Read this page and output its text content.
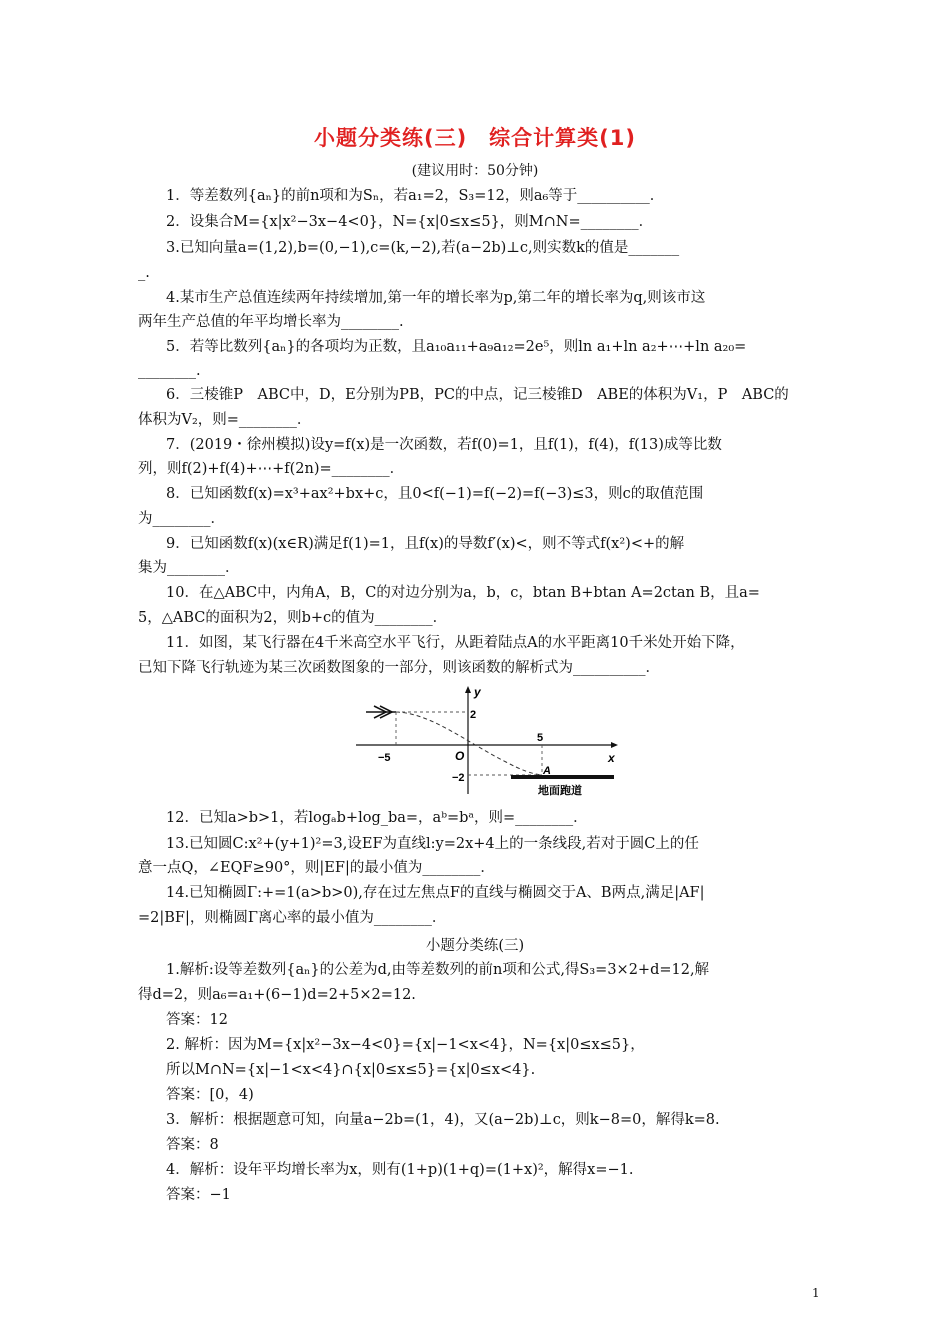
小题分类练(三)　综合计算类(1)
(建议用时：50分钟)
1．等差数列{aₙ}的前n项和为Sₙ，若a₁=2，S₃=12，则a₆等于__________．
2．设集合M={x|x²−3x−4<0}，N={x|0≤x≤5}，则M∩N=________．
3.已知向量a=(1,2),b=(0,−1),c=(k,−2),若(a−2b)⊥c,则实数k的值是_______
_.
4.某市生产总值连续两年持续增加,第一年的增长率为p,第二年的增长率为q,则该市这
两年生产总值的年平均增长率为________.
5．若等比数列{aₙ}的各项均为正数，且a₁₀a₁₁+a₉a₁₂=2e⁵，则ln a₁+ln a₂+⋯+ln a₂₀=
________.
6．三棱锥P　ABC中，D，E分别为PB，PC的中点，记三棱锥D　ABE的体积为V₁，P　ABC的
体积为V₂，则=________．
7．(2019・徐州模拟)设y=f(x)是一次函数，若f(0)=1，且f(1)，f(4)，f(13)成等比数
列，则f(2)+f(4)+⋯+f(2n)=________．
8．已知函数f(x)=x³+ax²+bx+c，且0<f(−1)=f(−2)=f(−3)≤3，则c的取值范围
为________．
9．已知函数f(x)(x∈R)满足f(1)=1，且f(x)的导数f′(x)<，则不等式f(x²)<+的解
集为________．
10．在△ABC中，内角A，B，C的对边分别为a，b，c，btan B+btan A=2ctan B，且a=
5，△ABC的面积为2，则b+c的值为________．
11．如图，某飞行器在4千米高空水平飞行，从距着陆点A的水平距离10千米处开始下降，
已知下降飞行轨迹为某三次函数图象的一部分，则该函数的解析式为__________．
y
x
O
2
5
−5
−2
A
地面跑道
12．已知a>b>1，若logₐb+log_ba=，aᵇ=bᵃ，则=________．
13.已知圆C:x²+(y+1)²=3,设EF为直线l:y=2x+4上的一条线段,若对于圆C上的任
意一点Q，∠EQF≥90°，则|EF|的最小值为________．
14.已知椭圆Γ:+=1(a>b>0),存在过左焦点F的直线与椭圆交于A、B两点,满足|AF|
=2|BF|，则椭圆Γ离心率的最小值为________．
小题分类练(三)
1.解析:设等差数列{aₙ}的公差为d,由等差数列的前n项和公式,得S₃=3×2+d=12,解
得d=2，则a₆=a₁+(6−1)d=2+5×2=12.
答案：12
2. 解析：因为M={x|x²−3x−4<0}={x|−1<x<4}，N={x|0≤x≤5}，
所以M∩N={x|−1<x<4}∩{x|0≤x≤5}={x|0≤x<4}.
答案：[0，4)
3．解析：根据题意可知，向量a−2b=(1，4)，又(a−2b)⊥c，则k−8=0，解得k=8.
答案：8
4．解析：设年平均增长率为x，则有(1+p)(1+q)=(1+x)²，解得x=−1.
答案：−1
1
